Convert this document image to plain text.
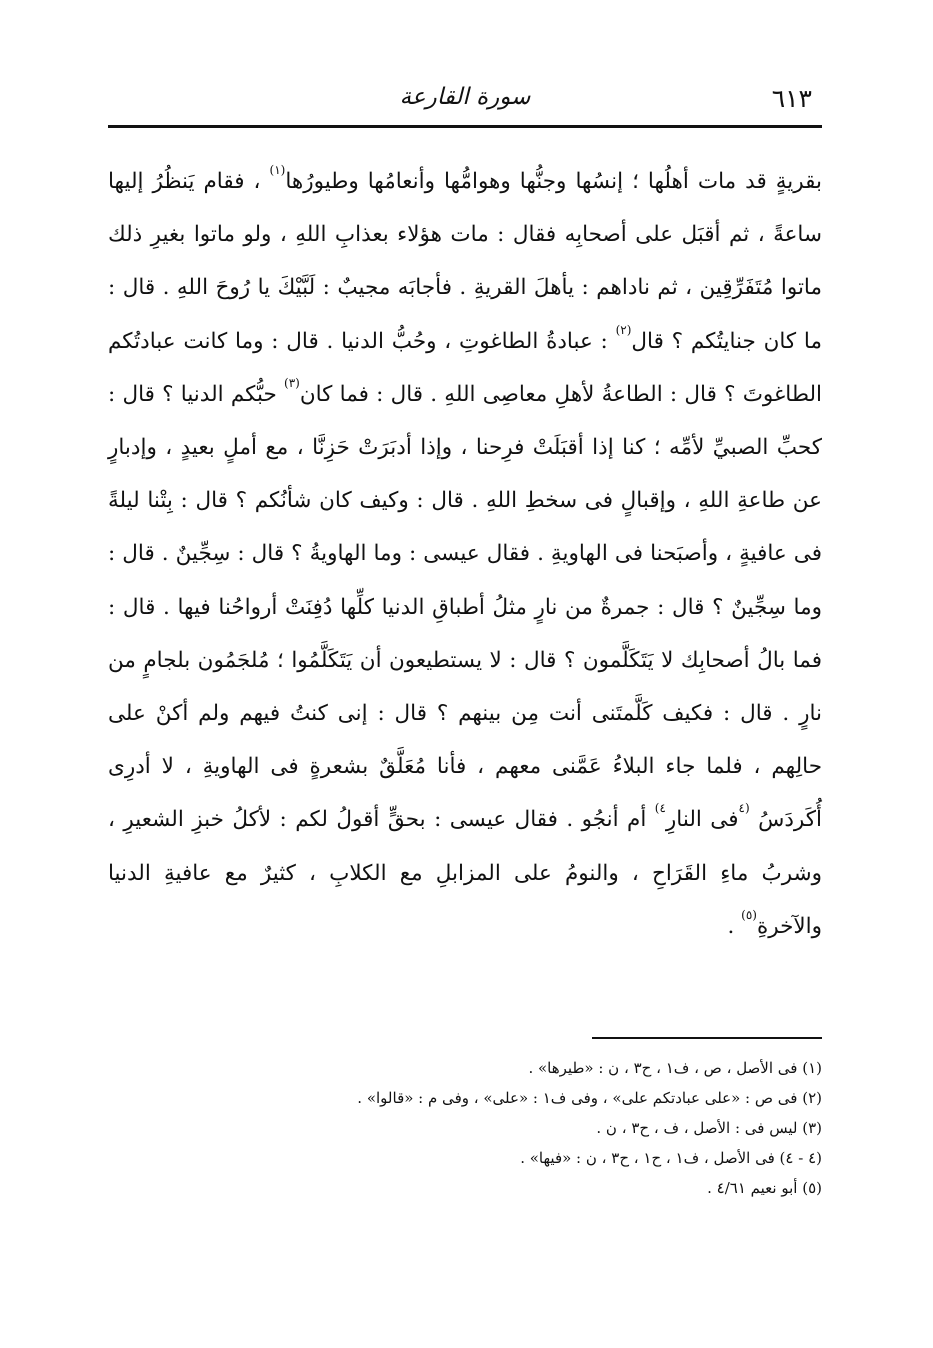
٦١٣
سورة القارعة

بقريةٍ قد مات أهلُها ؛ إنسُها وجنُّها وهوامُّها وأنعامُها وطيورُها$^{(١)}$ ، فقام يَنظُرُ إليها ساعةً ، ثم أقبَل على أصحابِه فقال : مات هؤلاء بعذابِ اللهِ ، ولو ماتوا بغيرِ ذلك ماتوا مُتَفَرِّقِين ، ثم ناداهم : يأهلَ القريةِ . فأجابَه مجيبٌ : لَبَّيْكَ يا رُوحَ اللهِ . قال : ما كان جنايتُكم ؟ قال$^{(٢)}$ : عبادةُ الطاغوتِ ، وحُبُّ الدنيا . قال : وما كانت عبادتُكم الطاغوتَ ؟ قال : الطاعةُ لأهلِ معاصِى اللهِ . قال : فما كان$^{(٣)}$ حبُّكم الدنيا ؟ قال : كحبِّ الصبيِّ لأمِّه ؛ كنا إذا أقبَلَتْ فرِحنا ، وإذا أدبَرَتْ حَزِنَّا ، مع أملٍ بعيدٍ ، وإدبارٍ عن طاعةِ اللهِ ، وإقبالٍ فى سخطِ اللهِ . قال : وكيف كان شأنُكم ؟ قال : بِتْنا ليلةً فى عافيةٍ ، وأصبَحنا فى الهاويةِ . فقال عيسى : وما الهاويةُ ؟ قال : سِجِّينٌ . قال : وما سِجِّينٌ ؟ قال : جمرةٌ من نارٍ مثلُ أطباقِ الدنيا كلِّها دُفِنَتْ أرواحُنا فيها . قال : فما بالُ أصحابِك لا يَتَكَلَّمون ؟ قال : لا يستطيعون أن يَتَكَلَّمُوا ؛ مُلجَمُون بلجامٍ من نارٍ . قال : فكيف كَلَّمتَنى أنت مِن بينهم ؟ قال : إنى كنتُ فيهم ولم أكنْ على حالِهم ، فلما جاء البلاءُ عَمَّنى معهم ، فأنا مُعَلَّقٌ بشعرةٍ فى الهاويةِ ، لا أدرِى أُكَردَسُ $^{(٤}$فى النارِ$^{٤)}$ أم أنجُو . فقال عيسى : بحقٍّ أقولُ لكم : لأكلُ خبزِ الشعيرِ ، وشربُ ماءِ القَرَاحِ ، والنومُ على المزابلِ مع الكلابِ ، كثيرٌ مع عافيةِ الدنيا والآخرةِ$^{(٥)}$ .

(١) فى الأصل ، ص ، ف١ ، ح٣ ، ن : «طيرها» .
(٢) فى ص : «على عبادتكم على» ، وفى ف١ : «على» ، وفى م : «قالوا» .
(٣) ليس فى : الأصل ، ف ، ح٣ ، ن .
(٤ - ٤) فى الأصل ، ف١ ، ح١ ، ح٣ ، ن : «فيها» .
(٥) أبو نعيم ٤/٦١ .
